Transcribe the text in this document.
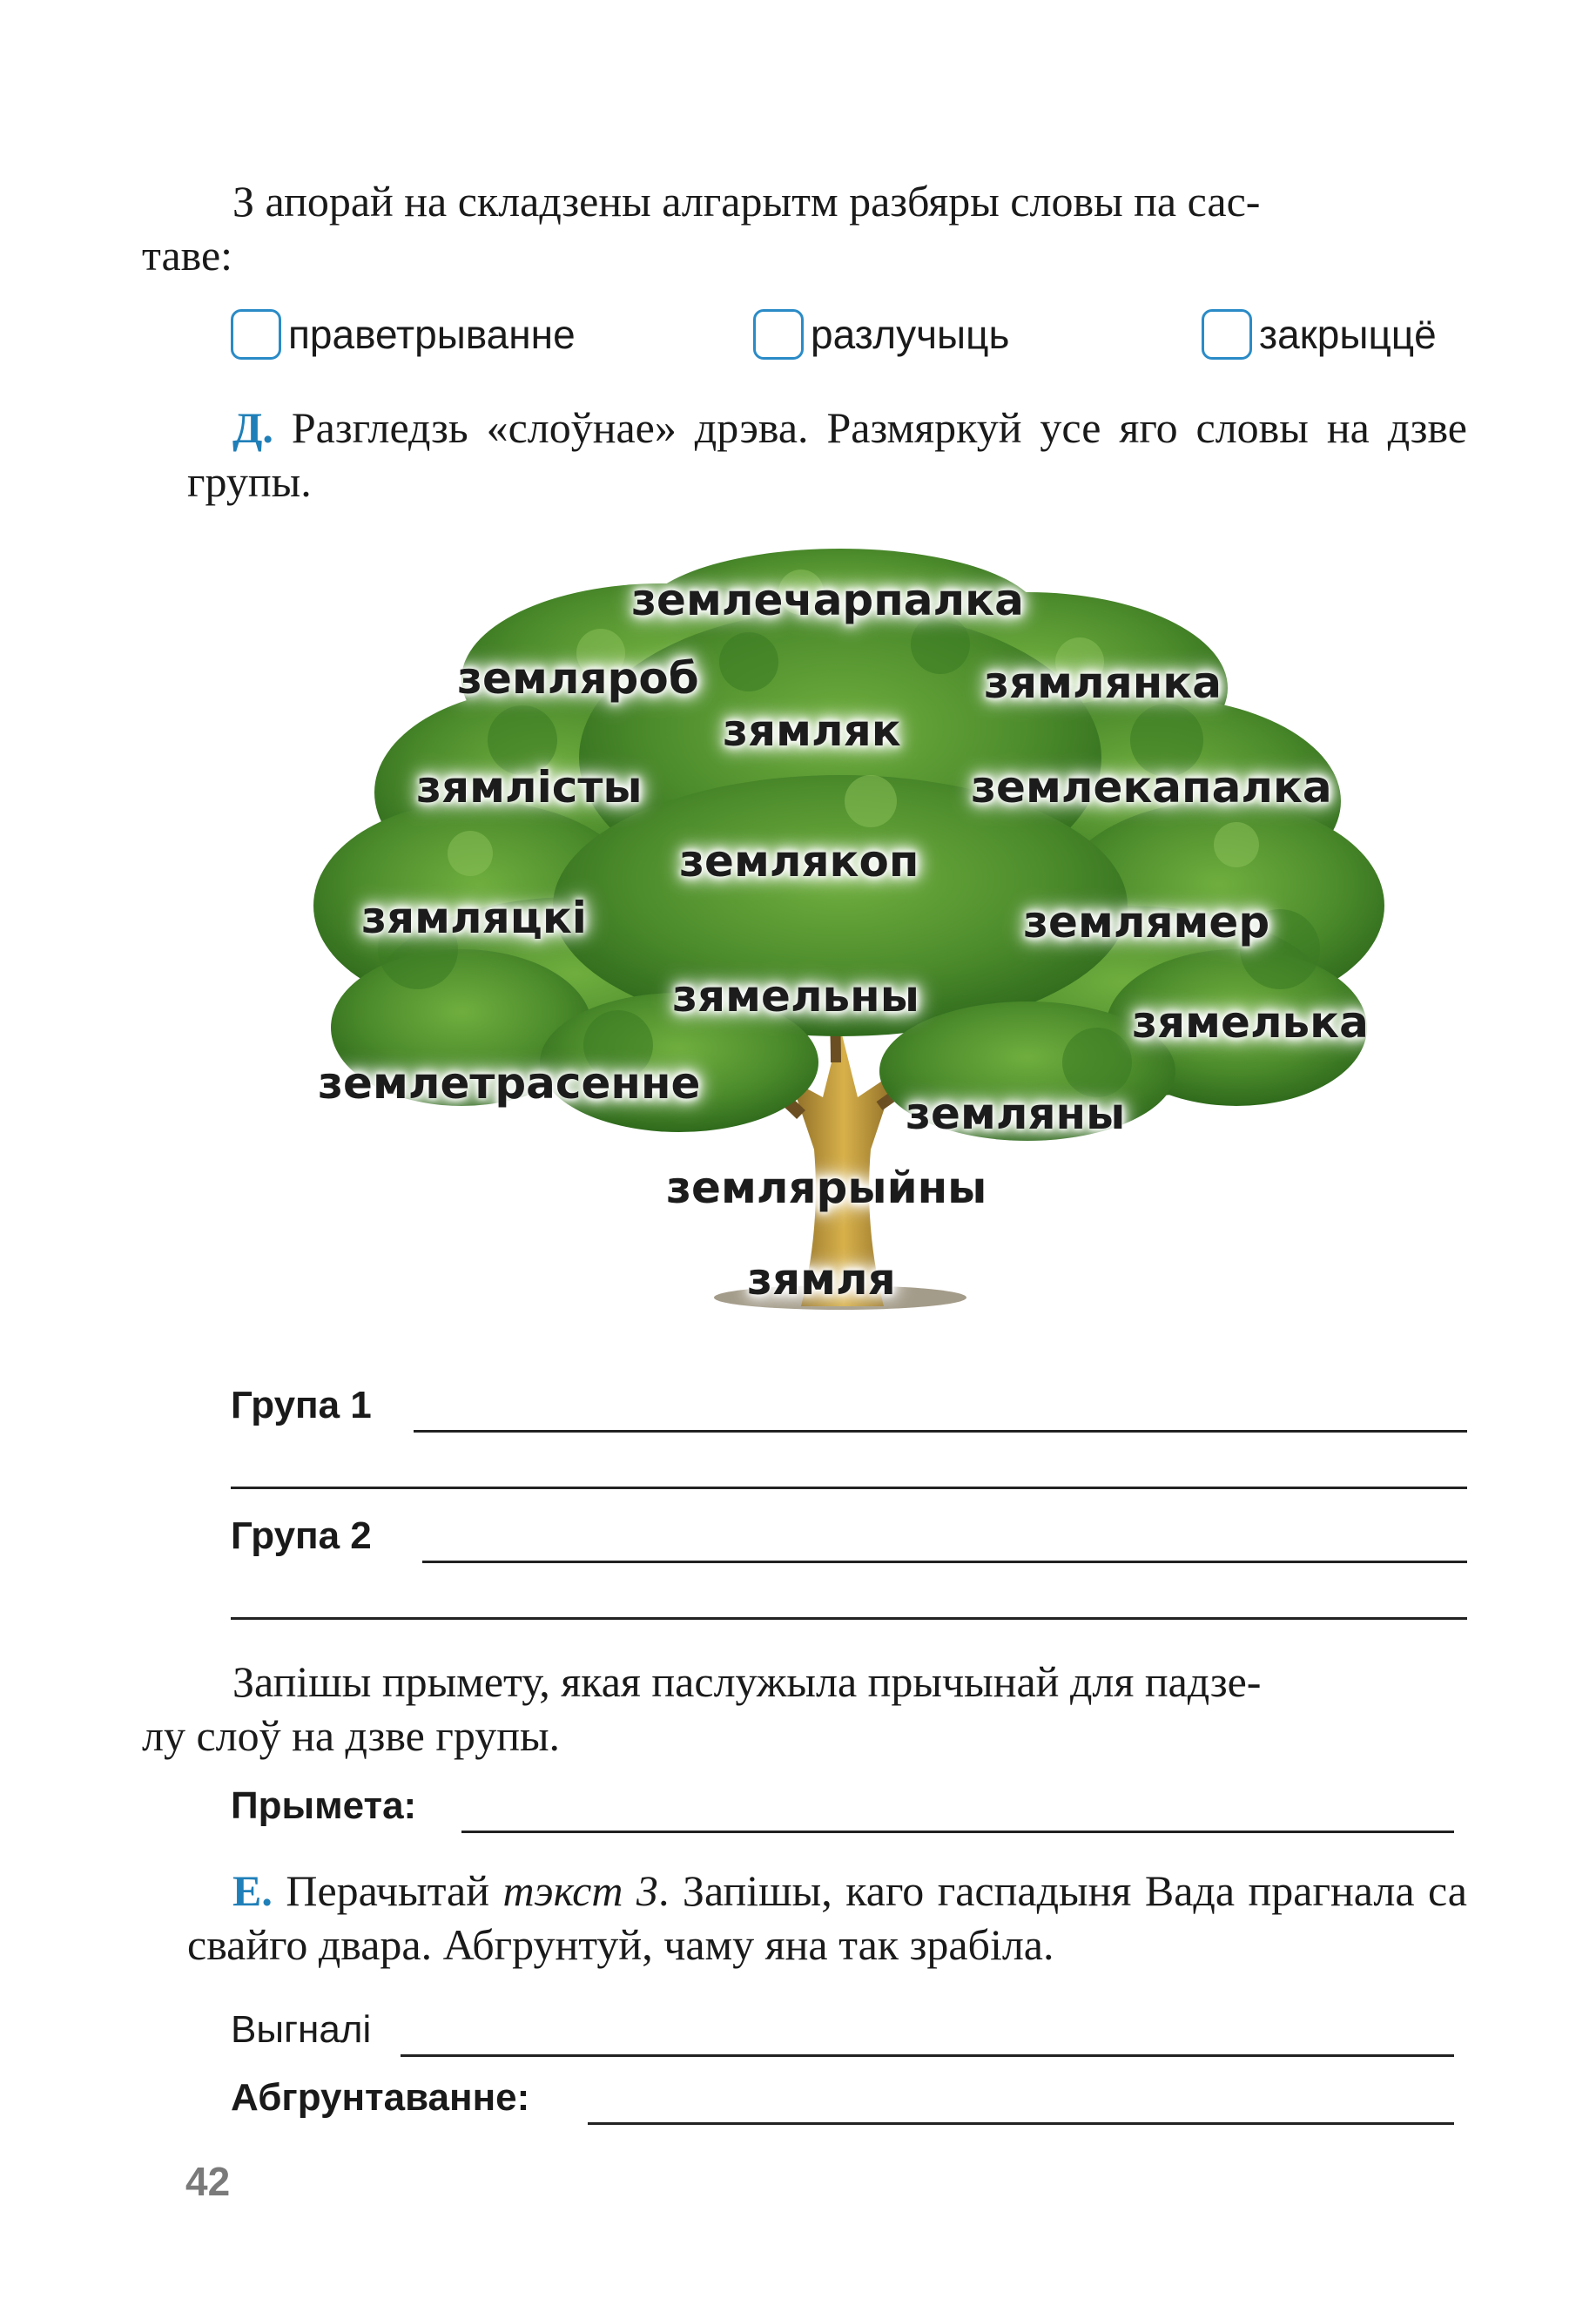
З апорай на складзены алгарытм разбяры словы па сас-
таве:
праветрыванне	разлучыць	закрыццё
Д. Разгледзь «слоўнае» дрэва. Размяркуй усе яго словы на дзве групы.
землечарпалка
земляроб	зямлянка
зямляк
зямлісты	землекапалка
землякоп
зямляцкі	землямер
зямельны
зямелька
землетрасенне
земляны
землярыйны
зямля
Група 1
Група 2
Запішы прымету, якая паслужыла прычынай для падзе-
лу слоў на дзве групы.
Прымета:
Е. Перачытай тэкст 3. Запішы, каго гаспадыня Вада прагнала са свайго двара. Абгрунтуй, чаму яна так зрабіла.
Выгналі
Абгрунтаванне:
42
